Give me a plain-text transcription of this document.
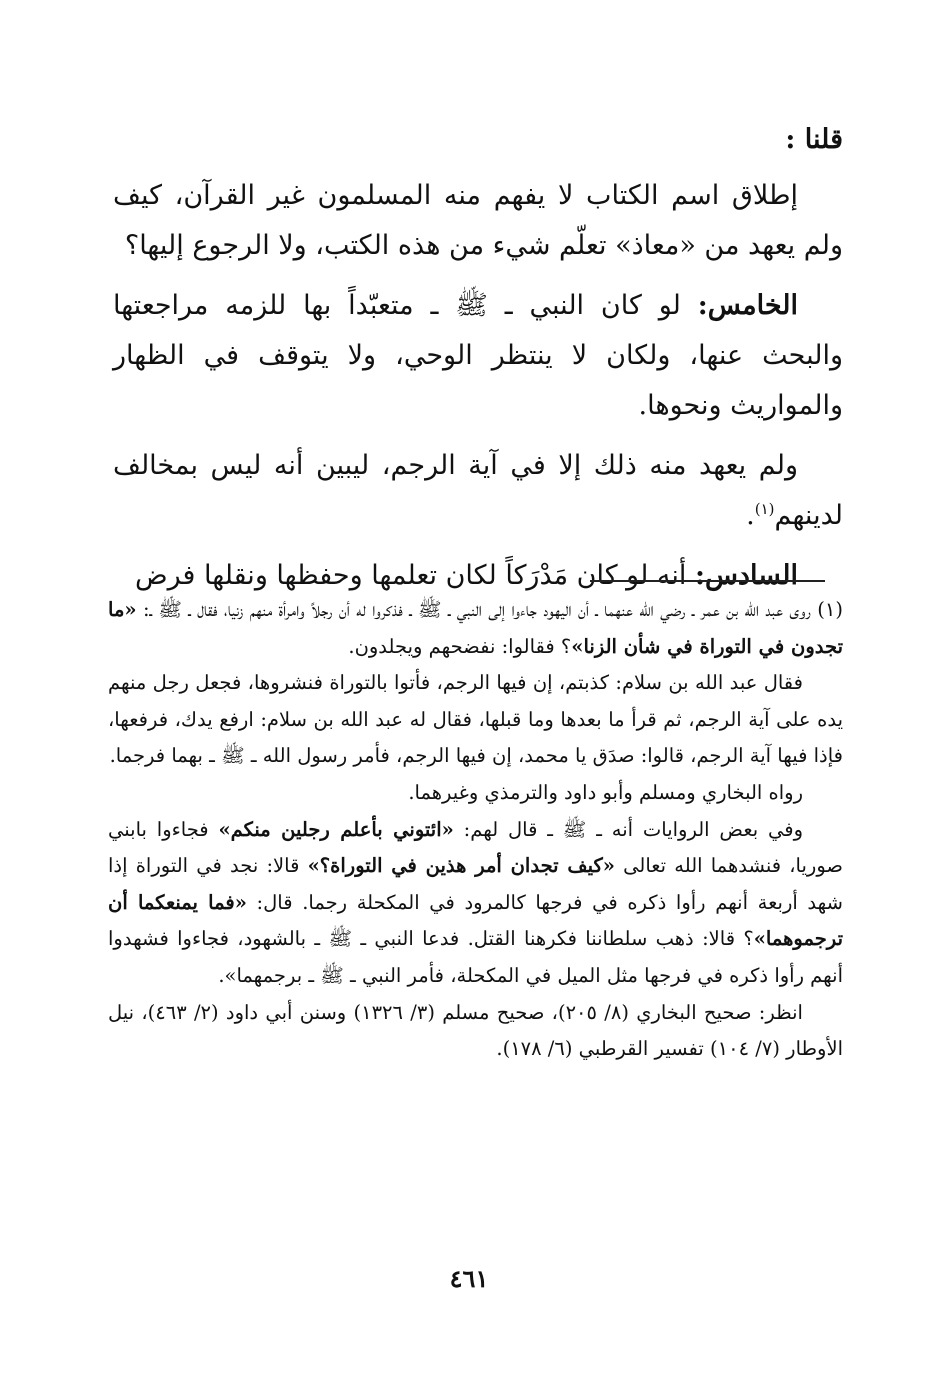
قلنا :

إطلاق اسم الكتاب لا يفهم منه المسلمون غير القرآن، كيف ولم يعهد من «معاذ» تعلّم شيء من هذه الكتب، ولا الرجوع إليها؟

الخامس: لو كان النبي ـ ﷺ ـ متعبّداً بها للزمه مراجعتها والبحث عنها، ولكان لا ينتظر الوحي، ولا يتوقف في الظهار والمواريث ونحوها.

ولم يعهد منه ذلك إلا في آية الرجم، ليبين أنه ليس بمخالف لدينهم$^{(١)}$.

السادس: أنه لو كان مَدْرَكاً لكان تعلمها وحفظها ونقلها فرض

(١) روى عبد الله بن عمر ـ رضي الله عنهما ـ أن اليهود جاءوا إلى النبي ـ ﷺ ـ فذكروا له أن رجلاً وامرأة منهم زنيا، فقال ـ ﷺ ـ: «ما تجدون في التوراة في شأن الزنا»؟ فقالوا: نفضحهم ويجلدون.

فقال عبد الله بن سلام: كذبتم، إن فيها الرجم، فأتوا بالتوراة فنشروها، فجعل رجل منهم يده على آية الرجم، ثم قرأ ما بعدها وما قبلها، فقال له عبد الله بن سلام: ارفع يدك، فرفعها، فإذا فيها آية الرجم، قالوا: صدَق يا محمد، إن فيها الرجم، فأمر رسول الله ـ ﷺ ـ بهما فرجما.

رواه البخاري ومسلم وأبو داود والترمذي وغيرهما.

وفي بعض الروايات أنه ـ ﷺ ـ قال لهم: «ائتوني بأعلم رجلين منكم» فجاءوا بابني صوريا، فنشدهما الله تعالى «كيف تجدان أمر هذين في التوراة؟» قالا: نجد في التوراة إذا شهد أربعة أنهم رأوا ذكره في فرجها كالمرود في المكحلة رجما. قال: «فما يمنعكما أن ترجموهما»؟ قالا: ذهب سلطاننا فكرهنا القتل. فدعا النبي ـ ﷺ ـ بالشهود، فجاءوا فشهدوا أنهم رأوا ذكره في فرجها مثل الميل في المكحلة، فأمر النبي ـ ﷺ ـ برجمهما».

انظر: صحيح البخاري (٨/ ٢٠٥)، صحيح مسلم (٣/ ١٣٢٦) وسنن أبي داود (٢/ ٤٦٣)، نيل الأوطار (٧/ ١٠٤) تفسير القرطبي (٦/ ١٧٨).

٤٦١
